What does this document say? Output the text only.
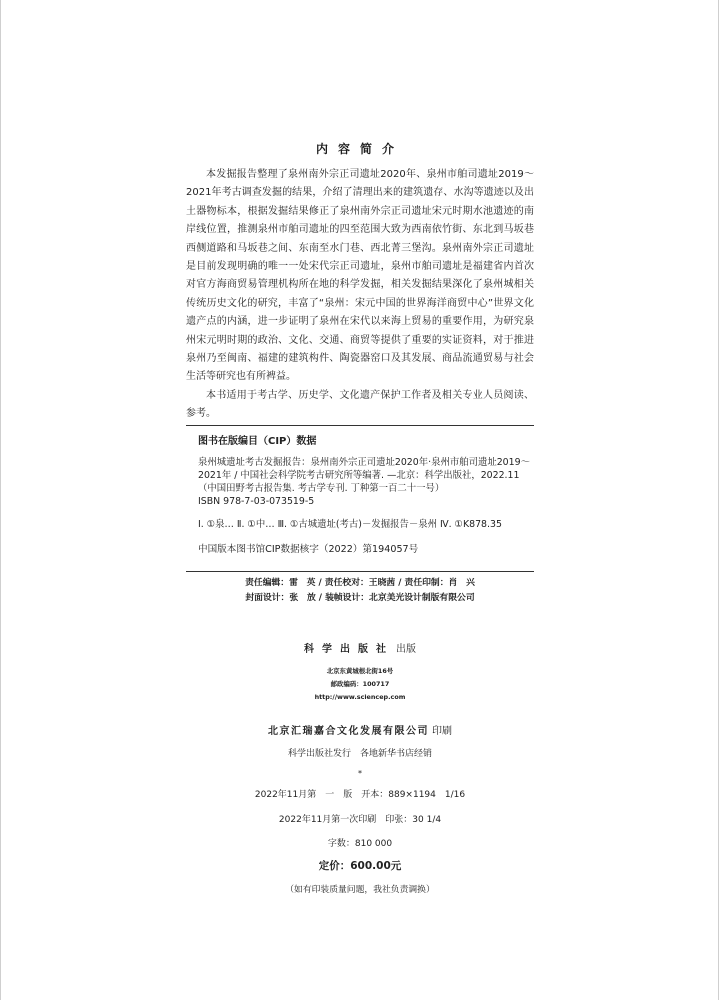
内容简介

本发掘报告整理了泉州南外宗正司遗址2020年、泉州市舶司遗址2019～2021年考古调查发掘的结果，介绍了清理出来的建筑遗存、水沟等遗迹以及出土器物标本，根据发掘结果修正了泉州南外宗正司遗址宋元时期水池遗迹的南岸线位置，推测泉州市舶司遗址的四至范围大致为西南依竹街、东北到马坂巷西侧道路和马坂巷之间、东南至水门巷、西北菁三堡沟。泉州南外宗正司遗址是目前发现明确的唯一一处宋代宗正司遗址，泉州市舶司遗址是福建省内首次对官方海商贸易管理机构所在地的科学发掘，相关发掘结果深化了泉州城相关传统历史文化的研究，丰富了“泉州：宋元中国的世界海洋商贸中心”世界文化遗产点的内涵，进一步证明了泉州在宋代以来海上贸易的重要作用，为研究泉州宋元明时期的政治、文化、交通、商贸等提供了重要的实证资料，对于推进泉州乃至闽南、福建的建筑构件、陶瓷器窑口及其发展、商品流通贸易与社会生活等研究也有所裨益。

本书适用于考古学、历史学、文化遗产保护工作者及相关专业人员阅读、参考。

图书在版编目（CIP）数据
泉州城遗址考古发掘报告：泉州南外宗正司遗址2020年·泉州市舶司遗址2019～2021年 / 中国社会科学院考古研究所等编著. —北京：科学出版社，2022.11（中国田野考古报告集. 考古学专刊. 丁种第一百二十一号）
ISBN 978-7-03-073519-5
Ⅰ. ①泉… Ⅱ. ①中… Ⅲ. ①古城遗址(考古)－发掘报告－泉州 Ⅳ. ①K878.35
中国版本图书馆CIP数据核字（2022）第194057号
责任编辑：雷　英 / 责任校对：王晓茜 / 责任印制：肖　兴
封面设计：张　放 / 装帧设计：北京美光设计制版有限公司
科学出版社 出版
北京东黄城根北街16号
邮政编码：100717
http://www.sciencep.com
北京汇瑞嘉合文化发展有限公司 印刷
科学出版社发行　各地新华书店经销
*
2022年11月第　一　版　开本：889×1194　1/16
2022年11月第一次印刷　印张：30 1/4
字数：810 000
定价：600.00元
（如有印装质量问题，我社负责调换）
